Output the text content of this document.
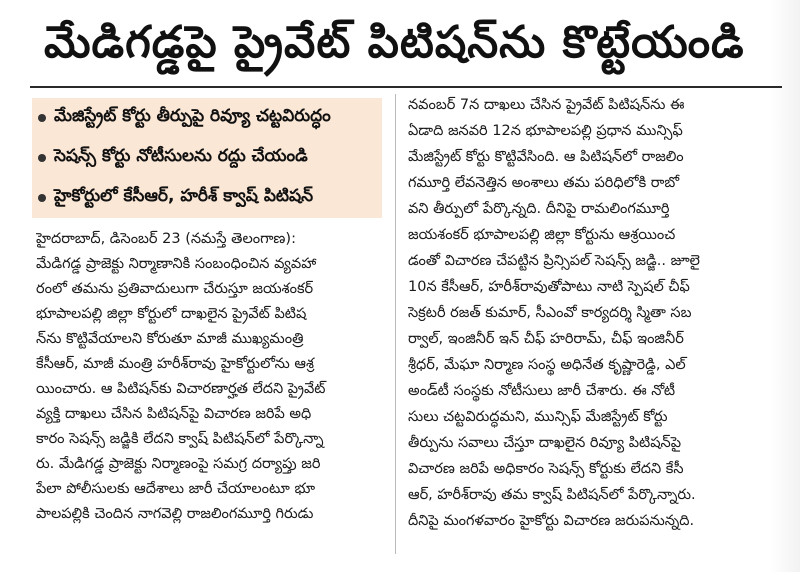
మేడిగడ్డపై ప్రైవేట్ పిటిషన్‌ను కొట్టేయండి
మేజిస్ట్రేట్ కోర్టు తీర్పుపై రివ్యూ చట్టవిరుద్ధం
సెషన్స్ కోర్టు నోటీసులను రద్దు చేయండి
హైకోర్టులో కేసీఆర్, హరీశ్ క్వాష్ పిటిషన్
హైదరాబాద్, డిసెంబర్ 23 (నమస్తే తెలంగాణ):
మేడిగడ్డ ప్రాజెక్టు నిర్మాణానికి సంబంధించిన వ్యవహా
రంలో తమను ప్రతివాదులుగా చేరుస్తూ జయశంకర్
భూపాలపల్లి జిల్లా కోర్టులో దాఖలైన ప్రైవేట్ పిటిష
న్‌ను కొట్టివేయాలని కోరుతూ మాజీ ముఖ్యమంత్రి
కేసీఆర్, మాజీ మంత్రి హరీశ్‌రావు హైకోర్టులోను ఆశ్ర
యించారు. ఆ పిటిషన్‌కు విచారణార్హత లేదని ప్రైవేట్
వ్యక్తి దాఖలు చేసిన పిటిషన్‌పై విచారణ జరిపే అధి
కారం సెషన్స్ జడ్జికి లేదని క్వాష్ పిటిషన్‌లో పేర్కొన్నా
రు. మేడిగడ్డ ప్రాజెక్టు నిర్మాణంపై సమగ్ర దర్యాప్తు జరి
పేలా పోలీసులకు ఆదేశాలు జారీ చేయాలంటూ భూ
పాలపల్లికి చెందిన నాగవెల్లి రాజలింగమూర్తి గిరుడు
నవంబర్ 7న దాఖలు చేసిన ప్రైవేట్ పిటిషన్‌ను ఈ
ఏడాది జనవరి 12న భూపాలపల్లి ప్రధాన మున్సిఫ్
మేజిస్ట్రేట్ కోర్టు కొట్టివేసింది. ఆ పిటిషన్‌లో రాజలిం
గమూర్తి లేవనెత్తిన అంశాలు తమ పరిధిలోకి రాబో
వని తీర్పులో పేర్కొన్నది. దీనిపై రామలింగమూర్తి
జయశంకర్ భూపాలపల్లి జిల్లా కోర్టును ఆశ్రయించ
డంతో విచారణ చేపట్టిన ప్రిన్సిపల్ సెషన్స్ జడ్జి.. జూలై
10న కేసీఆర్, హరీశ్‌రావుతోపాటు నాటి స్పెషల్ చీఫ్
సెక్రటరీ రజత్ కుమార్, సీఎంవో కార్యదర్శి స్మితా సబ
ర్వాల్, ఇంజినీర్ ఇన్ చీఫ్ హరిరామ్, చీఫ్ ఇంజినీర్
శ్రీధర్, మేఘా నిర్మాణ సంస్థ అధినేత కృష్ణారెడ్డి, ఎల్
అండ్‌టీ సంస్థకు నోటీసులు జారీ చేశారు. ఈ నోటీ
సులు చట్టవిరుద్ధమని, మున్సిఫ్ మేజిస్ట్రేట్ కోర్టు
తీర్పును సవాలు చేస్తూ దాఖలైన రివ్యూ పిటిషన్‌పై
విచారణ జరిపే అధికారం సెషన్స్ కోర్టుకు లేదని కేసీ
ఆర్, హరీశ్‌రావు తమ క్వాష్ పిటిషన్‌లో పేర్కొన్నారు.
దీనిపై మంగళవారం హైకోర్టు విచారణ జరుపనున్నది.
